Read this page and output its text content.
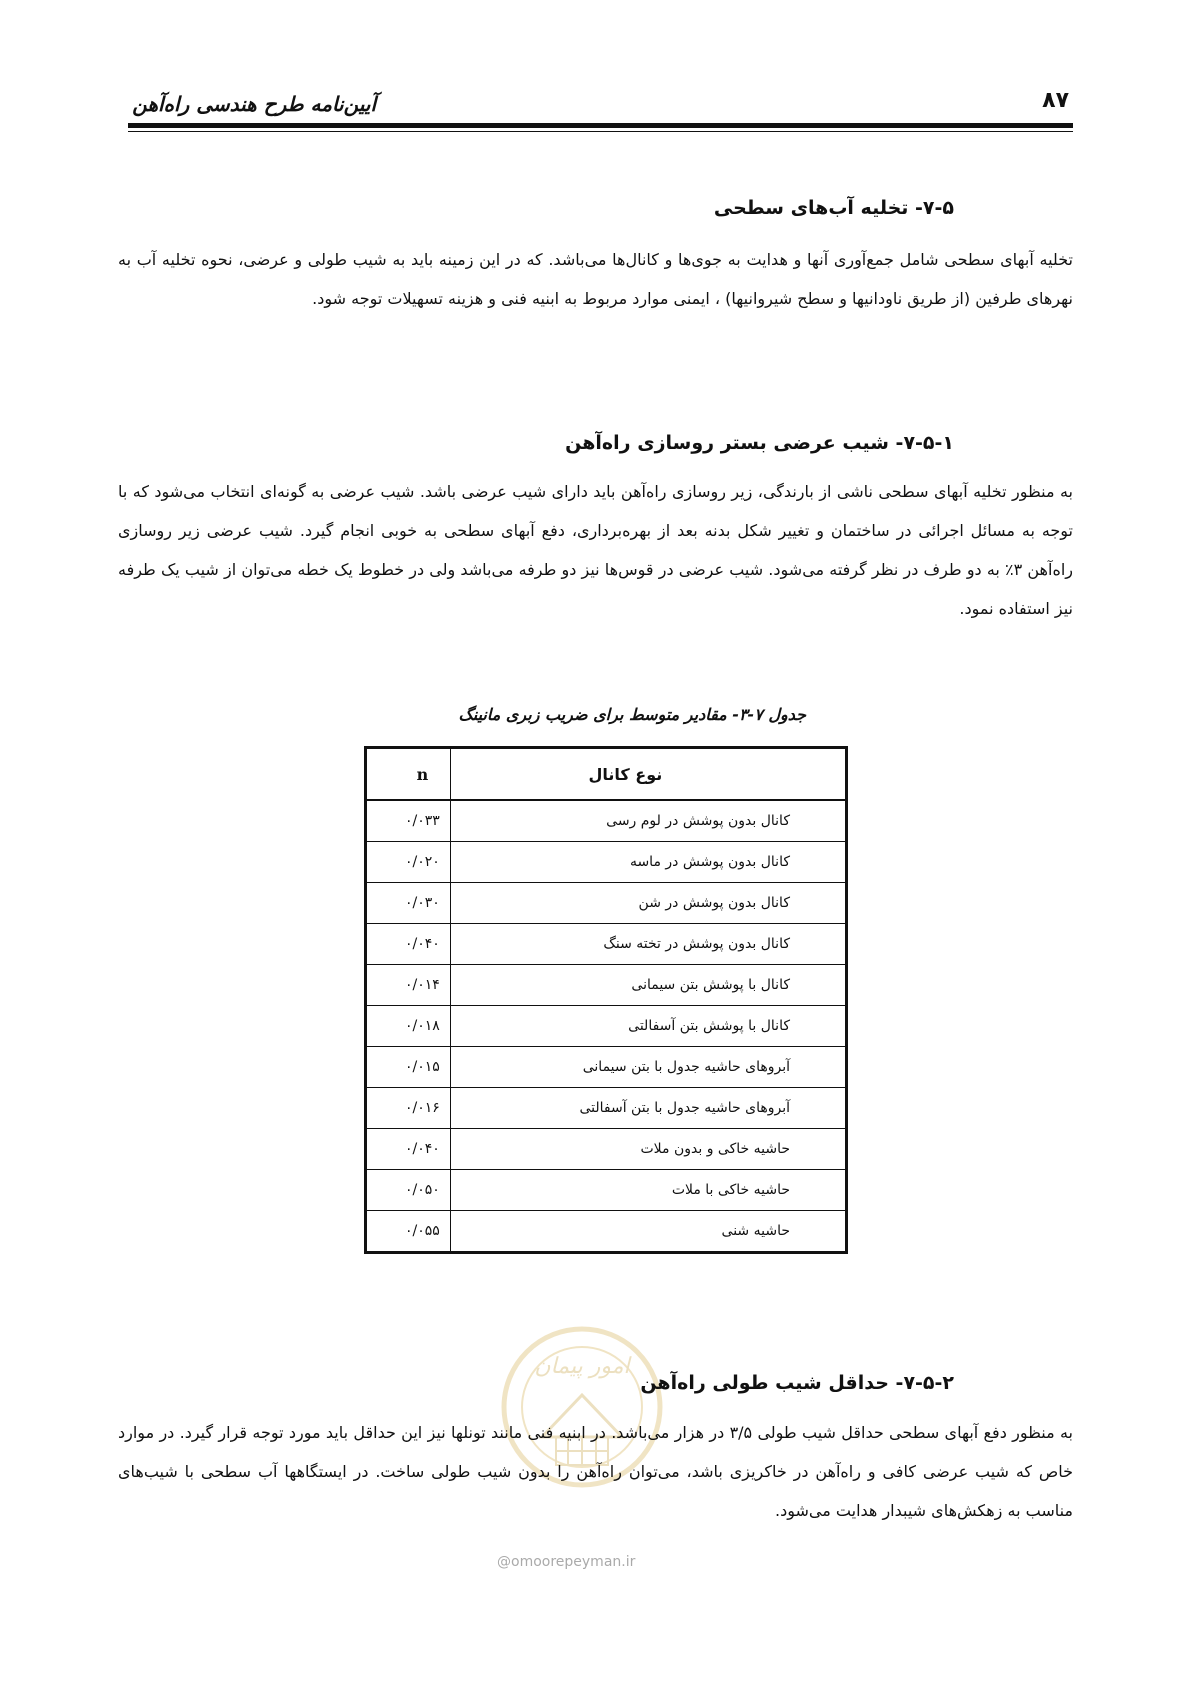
آیین‌نامه طرح هندسی راه‌آهن	۸۷
۷-۵- تخلیه آب‌های سطحی
تخلیه آبهای سطحی شامل جمع‌آوری آنها و هدایت به جوی‌ها و کانال‌ها می‌باشد. که در این زمینه باید به شیب طولی و عرضی، نحوه تخلیه آب به نهرهای طرفین (از طریق ناودانیها و سطح شیروانیها) ، ایمنی موارد مربوط به ابنیه فنی و هزینه تسهیلات توجه شود.
۷-۵-۱- شیب عرضی بستر روسازی راه‌آهن
به منظور تخلیه آبهای سطحی ناشی از بارندگی، زیر روسازی راه‌آهن باید دارای شیب عرضی باشد. شیب عرضی به گونه‌ای انتخاب می‌شود که با توجه به مسائل اجرائی در ساختمان و تغییر شکل بدنه بعد از بهره‌برداری، دفع آبهای سطحی به خوبی انجام گیرد. شیب عرضی زیر روسازی راه‌آهن ۳٪ به دو طرف در نظر گرفته می‌شود. شیب عرضی در قوس‌ها نیز دو طرفه می‌باشد ولی در خطوط یک خطه می‌توان از شیب یک طرفه نیز استفاده نمود.
جدول ۷-۳- مقادیر متوسط برای ضریب زبری مانینگ
نوع کانال	n
کانال بدون پوشش در لوم رسی	۰/۰۳۳
کانال بدون پوشش در ماسه	۰/۰۲۰
کانال بدون پوشش در شن	۰/۰۳۰
کانال بدون پوشش در تخته سنگ	۰/۰۴۰
کانال با پوشش بتن سیمانی	۰/۰۱۴
کانال با پوشش بتن آسفالتی	۰/۰۱۸
آبروهای حاشیه جدول با بتن سیمانی	۰/۰۱۵
آبروهای حاشیه جدول با بتن آسفالتی	۰/۰۱۶
حاشیه خاکی و بدون ملات	۰/۰۴۰
حاشیه خاکی با ملات	۰/۰۵۰
حاشیه شنی	۰/۰۵۵
امور پیمان
۷-۵-۲- حداقل شیب طولی راه‌آهن
به منظور دفع آبهای سطحی حداقل شیب طولی ۳/۵ در هزار می‌باشد. در ابنیه فنی مانند تونلها نیز این حداقل باید مورد توجه قرار گیرد. در موارد خاص که شیب عرضی کافی و راه‌آهن در خاکریزی باشد، می‌توان راه‌آهن را بدون شیب طولی ساخت. در ایستگاهها آب سطحی با شیب‌های مناسب به زهکش‌های شیبدار هدایت می‌شود.
@omoorepeyman.ir
